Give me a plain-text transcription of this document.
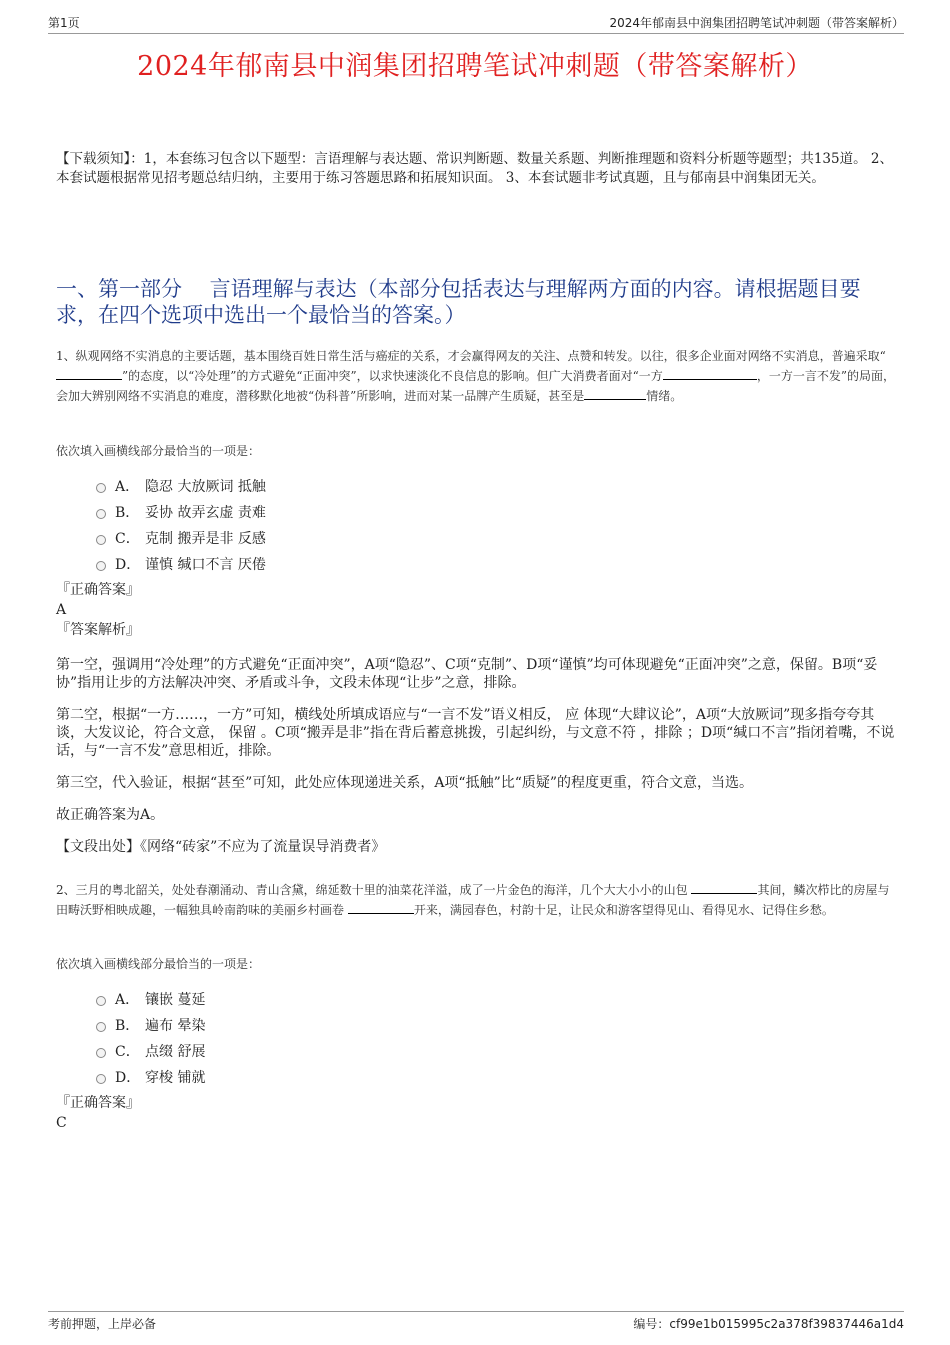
第1页	2024年郁南县中润集团招聘笔试冲刺题（带答案解析）
2024年郁南县中润集团招聘笔试冲刺题（带答案解析）
【下载须知】：1，本套练习包含以下题型：言语理解与表达题、常识判断题、数量关系题、判断推理题和资料分析题等题型；共135道。 2、本套试题根据常见招考题总结归纳，主要用于练习答题思路和拓展知识面。 3、本套试题非考试真题，且与郁南县中润集团无关。
一、第一部分　 言语理解与表达（本部分包括表达与理解两方面的内容。请根据题目要求，在四个选项中选出一个最恰当的答案。）
1、纵观网络不实消息的主要话题，基本围绕百姓日常生活与癌症的关系，才会赢得网友的关注、点赞和转发。以往，很多企业面对网络不实消息，普遍采取“”的态度，以“冷处理”的方式避免“正面冲突”，以求快速淡化不良信息的影响。但广大消费者面对“一方	，一方一言不发”的局面，会加大辨别网络不实消息的难度，潜移默化地被“伪科普”所影响，进而对某一品牌产生质疑，甚至是	情绪。
依次填入画横线部分最恰当的一项是：
A． 隐忍 大放厥词 抵触
B． 妥协 故弄玄虚 责难
C． 克制 搬弄是非 反感
D． 谨慎 缄口不言 厌倦
『正确答案』
A
『答案解析』

第一空，强调用“冷处理”的方式避免“正面冲突”，A项“隐忍”、C项“克制”、D项“谨慎”均可体现避免“正面冲突”之意，保留。B项“妥协”指用让步的方法解决冲突、矛盾或斗争，文段未体现“让步”之意，排除。

第二空，根据“一方……，一方”可知，横线处所填成语应与“一言不发”语义相反， 应 体现“大肆议论”，A项“大放厥词”现多指夸夸其谈，大发议论，符合文意， 保留 。C项“搬弄是非”指在背后蓄意挑拨，引起纠纷，与文意不符 ，排除 ；D项“缄口不言”指闭着嘴，不说话，与“一言不发”意思相近，排除。

第三空，代入验证，根据“甚至”可知，此处应体现递进关系，A项“抵触”比“质疑”的程度更重，符合文意，当选。

故正确答案为A。

【文段出处】《网络“砖家”不应为了流量误导消费者》

2、三月的粤北韶关，处处春潮涌动、青山含黛，绵延数十里的油菜花洋溢，成了一片金色的海洋，几个大大小小的山包	其间，鳞次栉比的房屋与田畴沃野相映成趣，一幅独具岭南韵味的美丽乡村画卷	开来，满园春色，村韵十足，让民众和游客望得见山、看得见水、记得住乡愁。
依次填入画横线部分最恰当的一项是：
A． 镶嵌 蔓延
B． 遍布 晕染
C． 点缀 舒展
D． 穿梭 铺就
『正确答案』
C
考前押题，上岸必备	编号：cf99e1b015995c2a378f39837446a1d4
